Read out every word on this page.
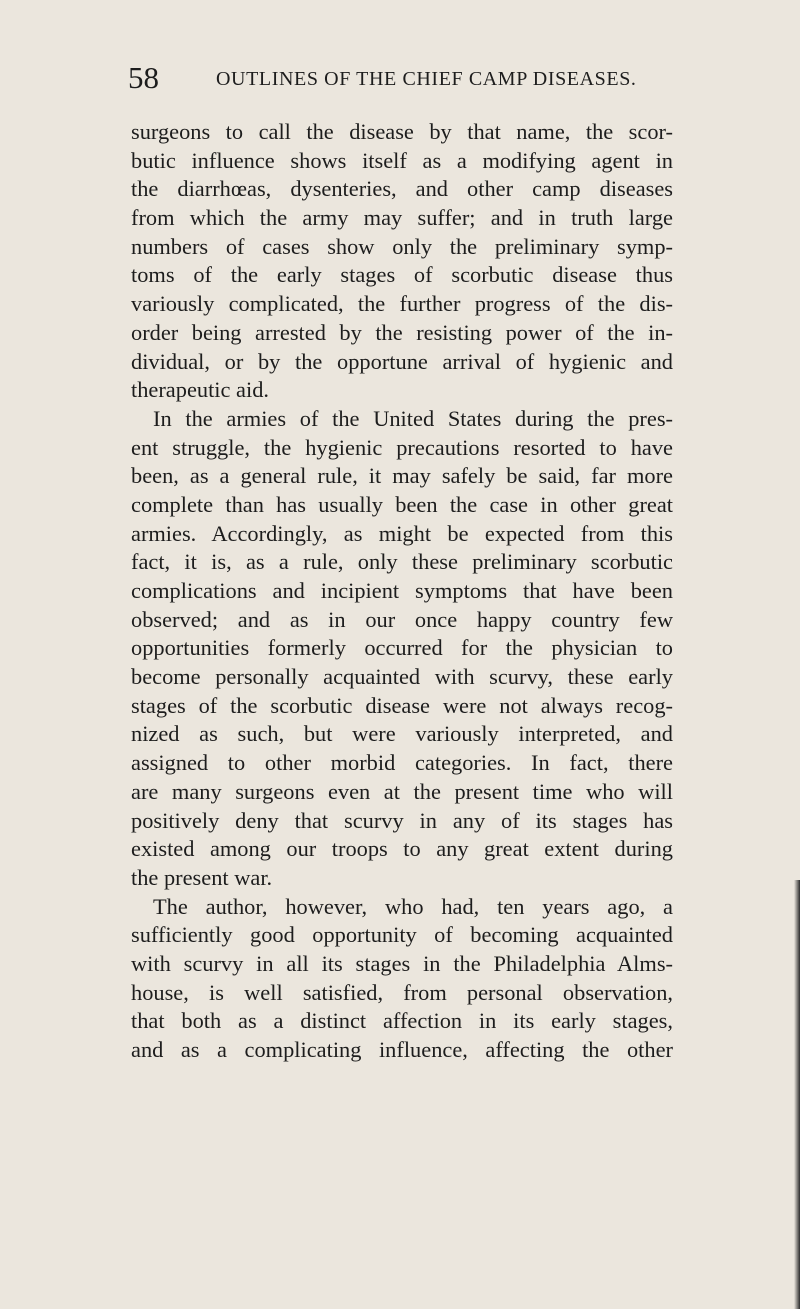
58	OUTLINES OF THE CHIEF CAMP DISEASES.
surgeons to call the disease by that name, the scor-
butic influence shows itself as a modifying agent in
the diarrhœas, dysenteries, and other camp diseases
from which the army may suffer; and in truth large
numbers of cases show only the preliminary symp-
toms of the early stages of scorbutic disease thus
variously complicated, the further progress of the dis-
order being arrested by the resisting power of the in-
dividual, or by the opportune arrival of hygienic and
therapeutic aid.
In the armies of the United States during the pres-
ent struggle, the hygienic precautions resorted to have
been, as a general rule, it may safely be said, far more
complete than has usually been the case in other great
armies. Accordingly, as might be expected from this
fact, it is, as a rule, only these preliminary scorbutic
complications and incipient symptoms that have been
observed; and as in our once happy country few
opportunities formerly occurred for the physician to
become personally acquainted with scurvy, these early
stages of the scorbutic disease were not always recog-
nized as such, but were variously interpreted, and
assigned to other morbid categories. In fact, there
are many surgeons even at the present time who will
positively deny that scurvy in any of its stages has
existed among our troops to any great extent during
the present war.
The author, however, who had, ten years ago, a
sufficiently good opportunity of becoming acquainted
with scurvy in all its stages in the Philadelphia Alms-
house, is well satisfied, from personal observation,
that both as a distinct affection in its early stages,
and as a complicating influence, affecting the other
